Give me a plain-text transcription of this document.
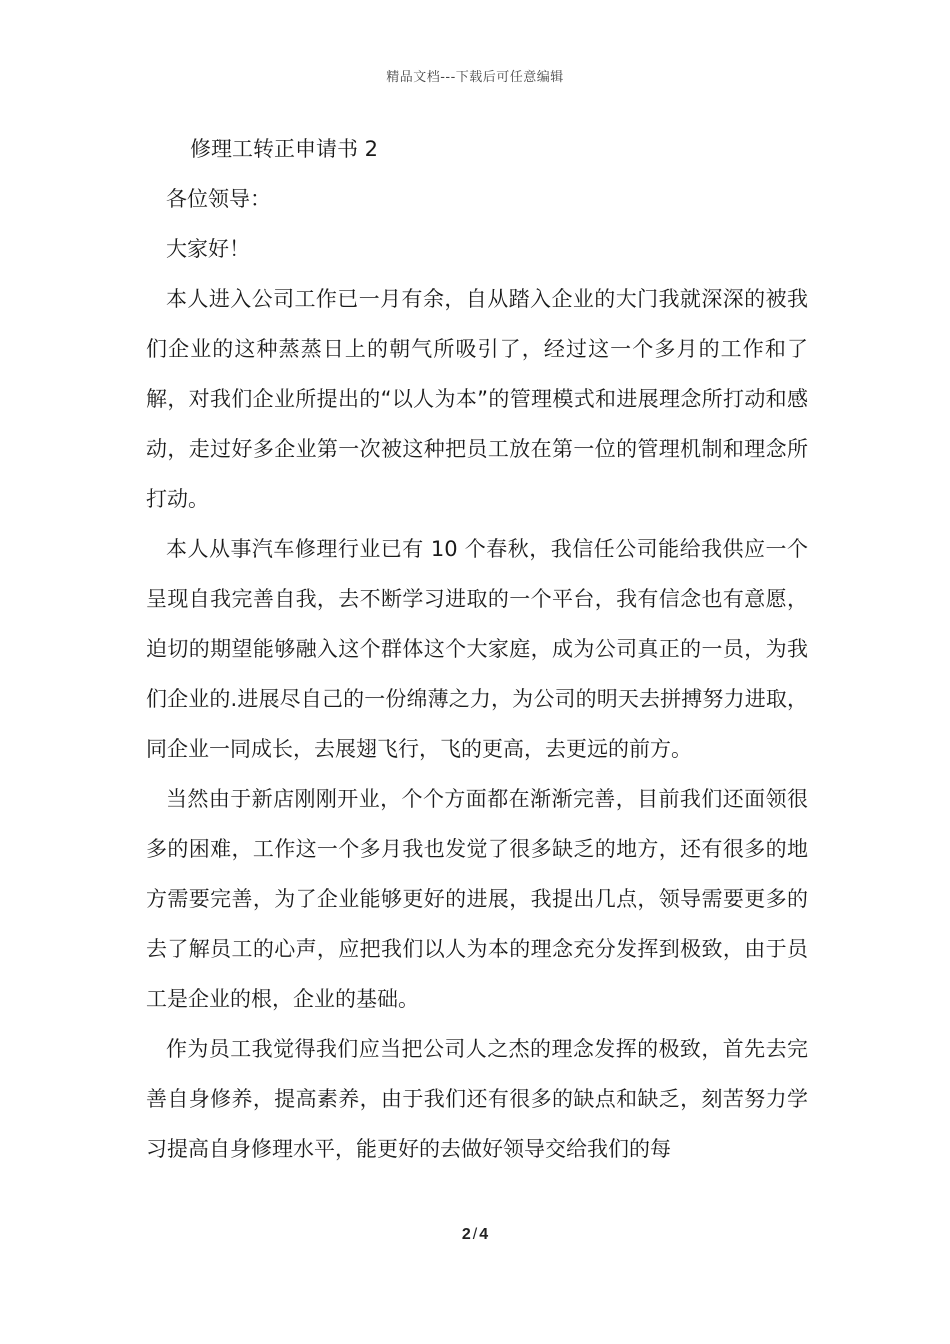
精品文档---下载后可任意编辑
修理工转正申请书 2

各位领导：

大家好！

本人进入公司工作已一月有余，自从踏入企业的大门我就深深的被我们企业的这种蒸蒸日上的朝气所吸引了，经过这一个多月的工作和了解，对我们企业所提出的“以人为本”的管理模式和进展理念所打动和感动，走过好多企业第一次被这种把员工放在第一位的管理机制和理念所打动。

本人从事汽车修理行业已有 10 个春秋，我信任公司能给我供应一个呈现自我完善自我，去不断学习进取的一个平台，我有信念也有意愿，迫切的期望能够融入这个群体这个大家庭，成为公司真正的一员，为我们企业的.进展尽自己的一份绵薄之力，为公司的明天去拼搏努力进取，同企业一同成长，去展翅飞行，飞的更高，去更远的前方。

当然由于新店刚刚开业，个个方面都在渐渐完善，目前我们还面领很多的困难，工作这一个多月我也发觉了很多缺乏的地方，还有很多的地方需要完善，为了企业能够更好的进展，我提出几点，领导需要更多的去了解员工的心声，应把我们以人为本的理念充分发挥到极致，由于员工是企业的根，企业的基础。

作为员工我觉得我们应当把公司人之杰的理念发挥的极致，首先去完善自身修养，提高素养，由于我们还有很多的缺点和缺乏，刻苦努力学习提高自身修理水平，能更好的去做好领导交给我们的每

2 / 4
